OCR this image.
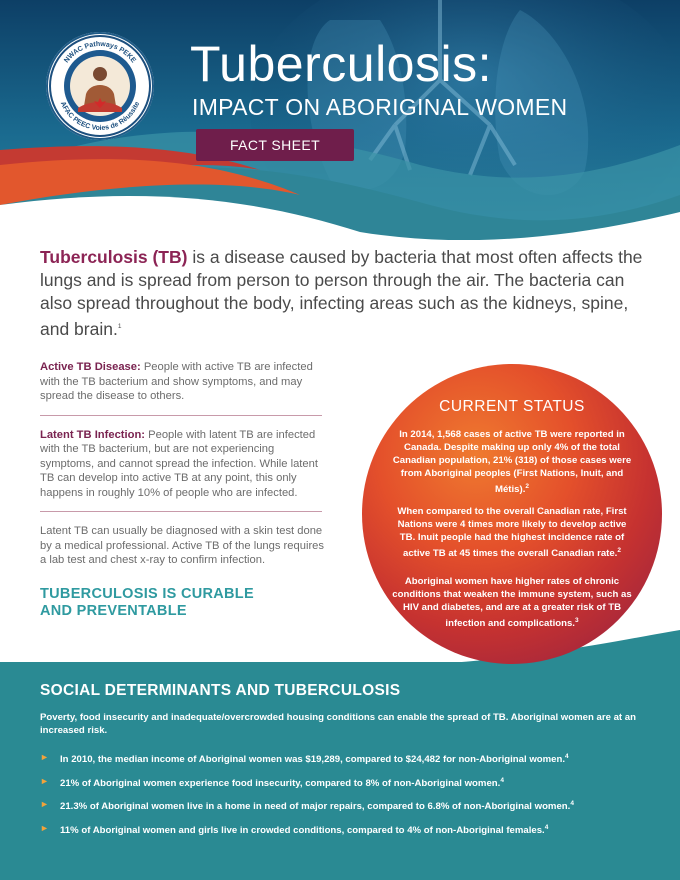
NWAC Pathways PEKE
AFAC PEEC Voies de Réussite
Tuberculosis:
IMPACT ON ABORIGINAL WOMEN
FACT SHEET
Tuberculosis (TB) is a disease caused by bacteria that most often affects the lungs and is spread from person to person through the air. The bacteria can also spread throughout the body, infecting areas such as the kidneys, spine, and brain.$^1$
Active TB Disease: People with active TB are infected with the TB bacterium and show symptoms, and may spread the disease to others.
Latent TB Infection: People with latent TB are infected with the TB bacterium, but are not experiencing symptoms, and cannot spread the infection. While latent TB can develop into active TB at any point, this only happens in roughly 10% of people who are infected.
Latent TB can usually be diagnosed with a skin test done by a medical professional. Active TB of the lungs requires a lab test and chest x-ray to confirm infection.
TUBERCULOSIS IS CURABLE
AND PREVENTABLE
CURRENT STATUS
In 2014, 1,568 cases of active TB were reported in Canada. Despite making up only 4% of the total Canadian population, 21% (318) of those cases were from Aboriginal peoples (First Nations, Inuit, and Métis).$^2$
When compared to the overall Canadian rate, First Nations were 4 times more likely to develop active TB. Inuit people had the highest incidence rate of active TB at 45 times the overall Canadian rate.$^2$
Aboriginal women have higher rates of chronic conditions that weaken the immune system, such as HIV and diabetes, and are at a greater risk of TB infection and complications.$^3$
SOCIAL DETERMINANTS AND TUBERCULOSIS
Poverty, food insecurity and inadequate/overcrowded housing conditions can enable the spread of TB. Aboriginal women are at an increased risk.
► In 2010, the median income of Aboriginal women was $19,289, compared to $24,482 for non-Aboriginal women.$^4$
► 21% of Aboriginal women experience food insecurity, compared to 8% of non-Aboriginal women.$^4$
► 21.3% of Aboriginal women live in a home in need of major repairs, compared to 6.8% of non-Aboriginal women.$^4$
► 11% of Aboriginal women and girls live in crowded conditions, compared to 4% of non-Aboriginal females.$^4$
